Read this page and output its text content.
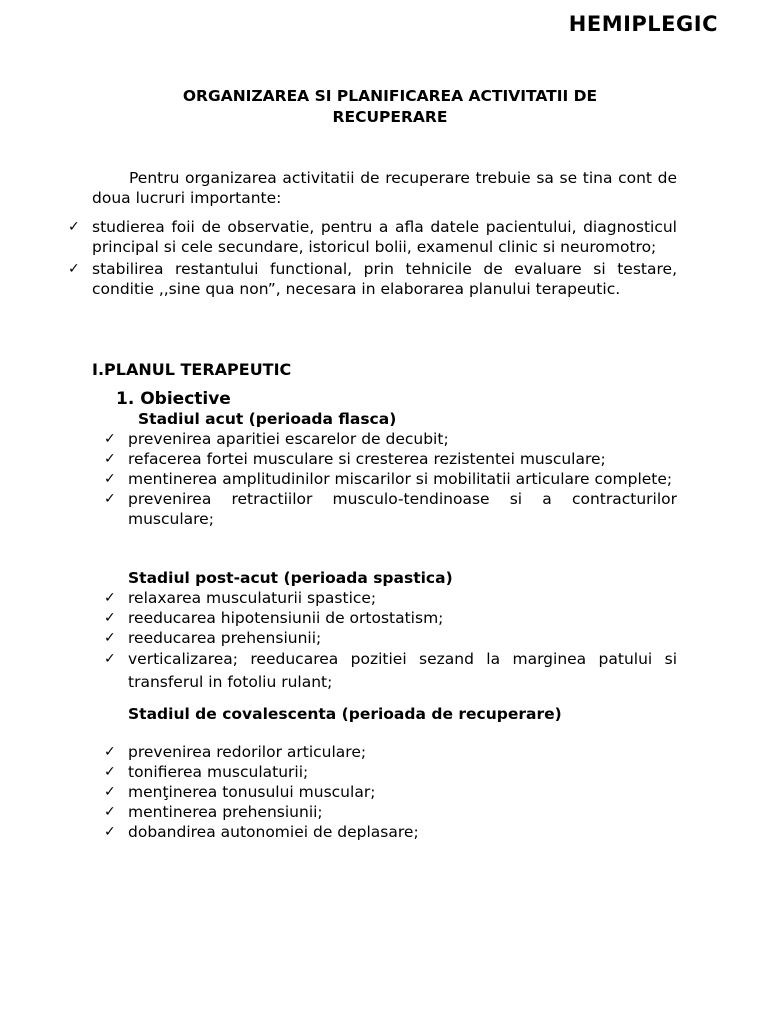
HEMIPLEGIC
ORGANIZAREA SI PLANIFICAREA ACTIVITATII DE
RECUPERARE
Pentru organizarea activitatii de recuperare trebuie sa se tina cont de doua lucruri importante:
✓ studierea foii de observatie, pentru a afla datele pacientului, diagnosticul principal si cele secundare, istoricul bolii, examenul clinic si neuromotro;
✓ stabilirea restantului functional, prin tehnicile de evaluare si testare, conditie ,,sine qua non”, necesara in elaborarea planului terapeutic.
I.PLANUL TERAPEUTIC
1. Obiective
Stadiul acut (perioada flasca)
✓ prevenirea aparitiei escarelor de decubit;
✓ refacerea fortei musculare si cresterea rezistentei musculare;
✓ mentinerea amplitudinilor miscarilor si mobilitatii articulare complete;
✓ prevenirea retractiilor musculo-tendinoase si a contracturilor musculare;
Stadiul post-acut (perioada spastica)
✓ relaxarea musculaturii spastice;
✓ reeducarea hipotensiunii de ortostatism;
✓ reeducarea prehensiunii;
✓ verticalizarea; reeducarea pozitiei sezand la marginea patului si transferul in fotoliu rulant;
Stadiul de covalescenta (perioada de recuperare)
✓ prevenirea redorilor articulare;
✓ tonifierea musculaturii;
✓ menţinerea tonusului muscular;
✓ mentinerea prehensiunii;
✓ dobandirea autonomiei de deplasare;
